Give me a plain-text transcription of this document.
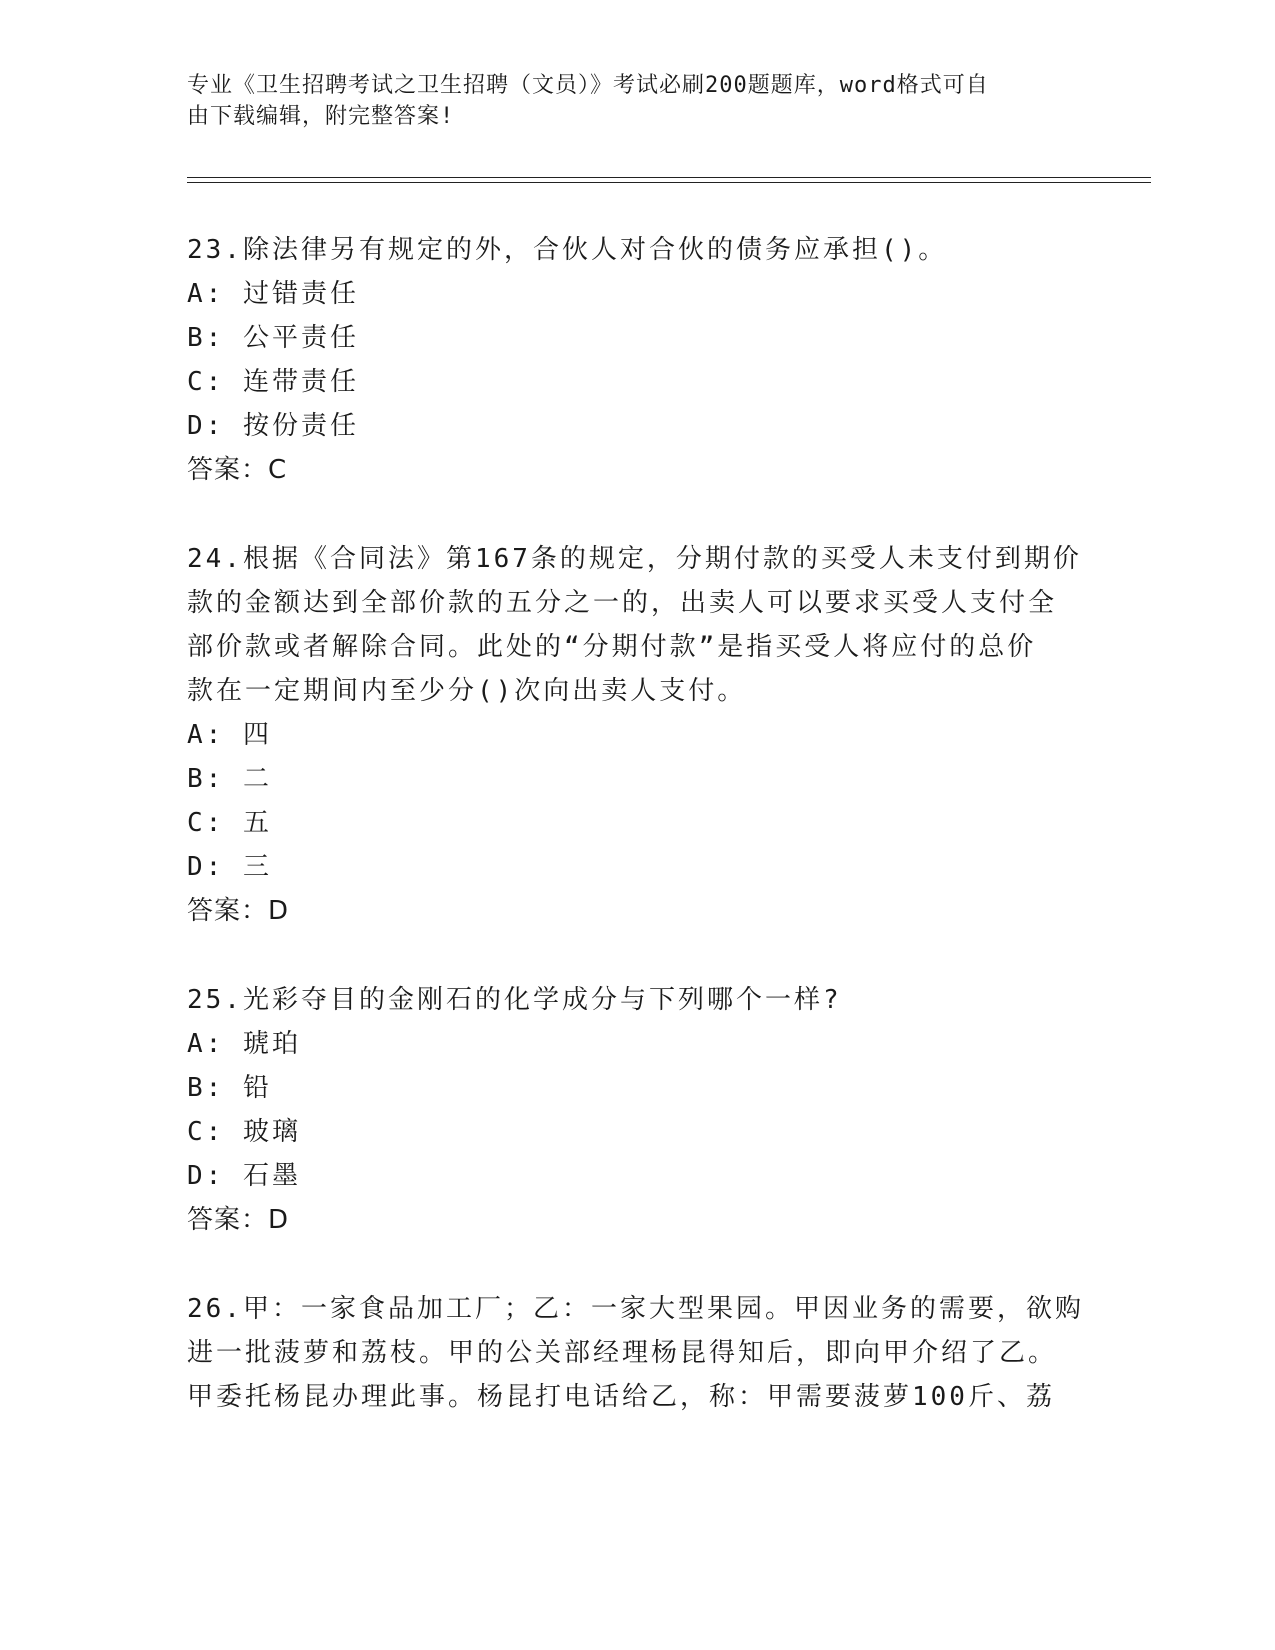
专业《卫生招聘考试之卫生招聘（文员）》考试必刷200题题库，word格式可自
由下载编辑，附完整答案!
23.除法律另有规定的外，合伙人对合伙的债务应承担()。
A: 过错责任
B: 公平责任
C: 连带责任
D: 按份责任
答案：C
24.根据《合同法》第167条的规定，分期付款的买受人未支付到期价
款的金额达到全部价款的五分之一的，出卖人可以要求买受人支付全
部价款或者解除合同。此处的“分期付款”是指买受人将应付的总价
款在一定期间内至少分()次向出卖人支付。
A: 四
B: 二
C: 五
D: 三
答案：D
25.光彩夺目的金刚石的化学成分与下列哪个一样?
A: 琥珀
B: 铅
C: 玻璃
D: 石墨
答案：D
26.甲：一家食品加工厂；乙：一家大型果园。甲因业务的需要，欲购
进一批菠萝和荔枝。甲的公关部经理杨昆得知后，即向甲介绍了乙。
甲委托杨昆办理此事。杨昆打电话给乙，称：甲需要菠萝100斤、荔
